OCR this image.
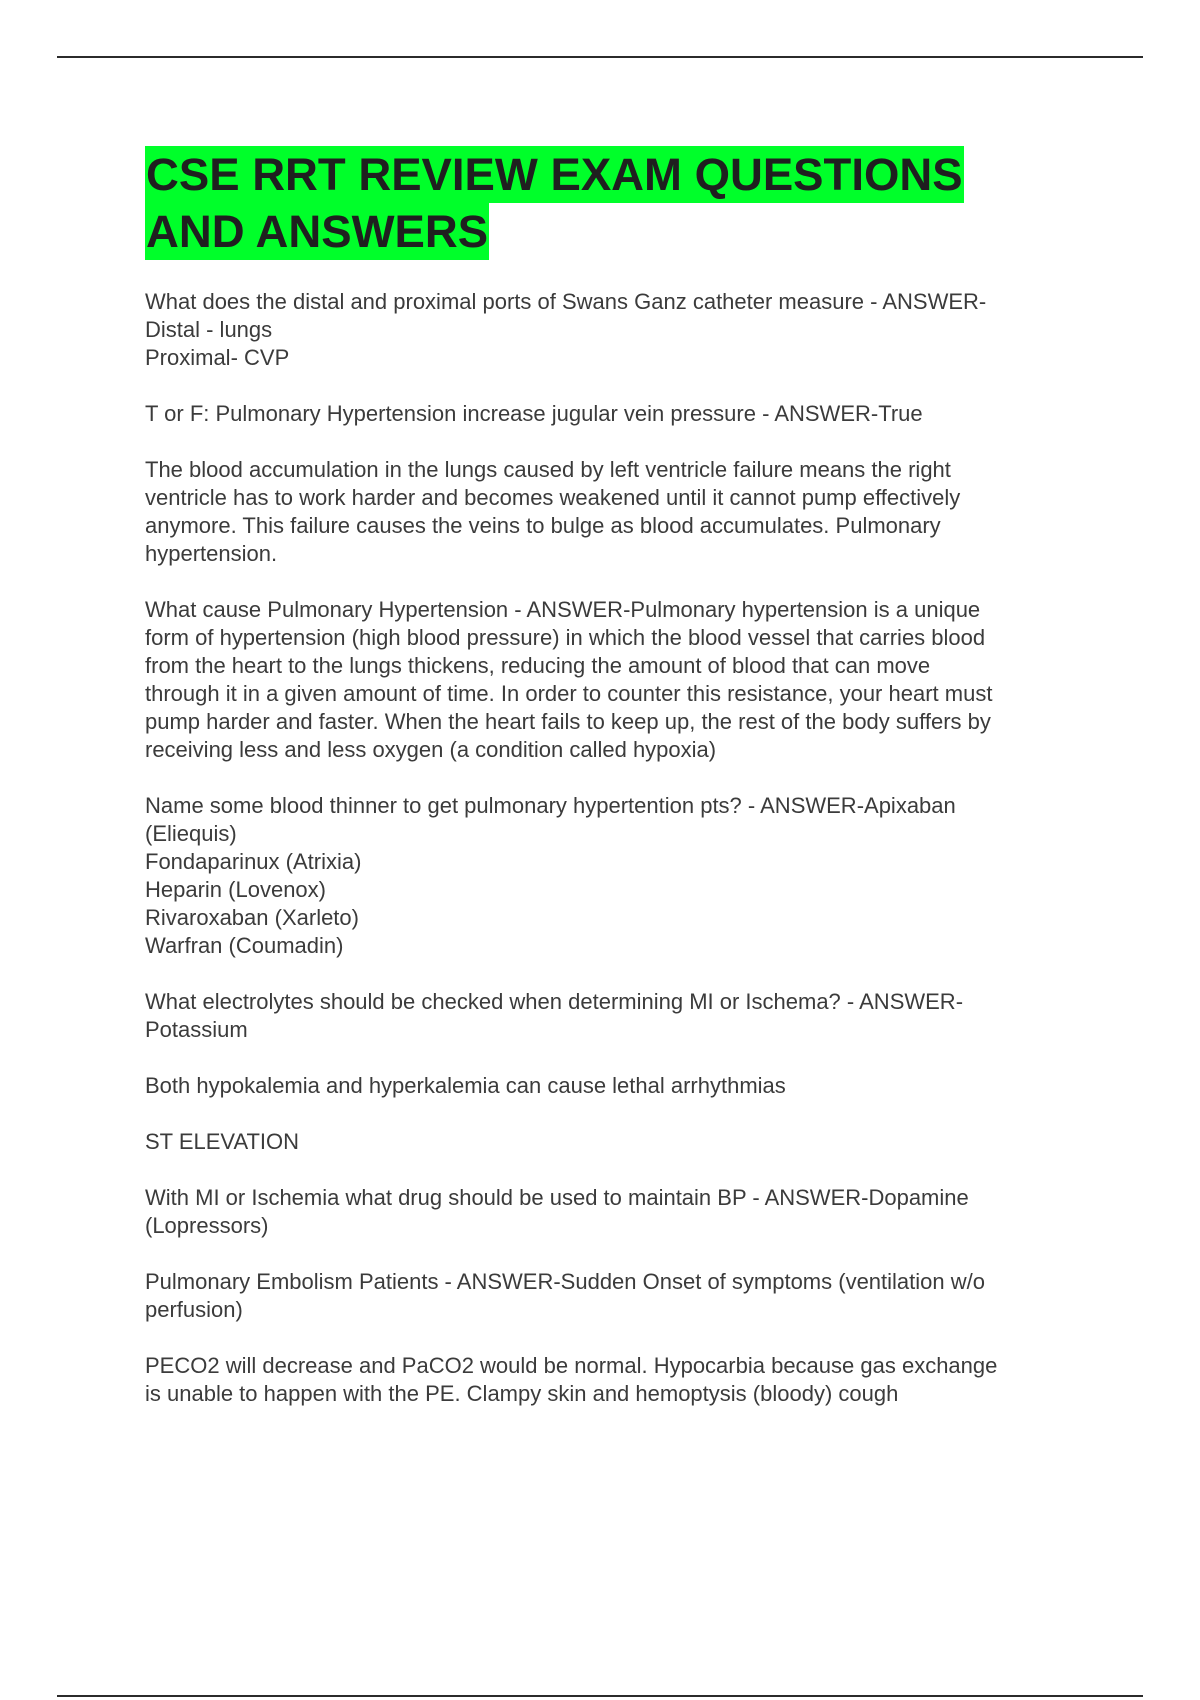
CSE RRT REVIEW EXAM QUESTIONS
AND ANSWERS

What does the distal and proximal ports of Swans Ganz catheter measure - ANSWER-
Distal - lungs
Proximal- CVP

T or F: Pulmonary Hypertension increase jugular vein pressure - ANSWER-True

The blood accumulation in the lungs caused by left ventricle failure means the right
ventricle has to work harder and becomes weakened until it cannot pump effectively
anymore. This failure causes the veins to bulge as blood accumulates. Pulmonary
hypertension.

What cause Pulmonary Hypertension - ANSWER-Pulmonary hypertension is a unique
form of hypertension (high blood pressure) in which the blood vessel that carries blood
from the heart to the lungs thickens, reducing the amount of blood that can move
through it in a given amount of time. In order to counter this resistance, your heart must
pump harder and faster. When the heart fails to keep up, the rest of the body suffers by
receiving less and less oxygen (a condition called hypoxia)

Name some blood thinner to get pulmonary hypertention pts? - ANSWER-Apixaban
(Eliequis)
Fondaparinux (Atrixia)
Heparin (Lovenox)
Rivaroxaban (Xarleto)
Warfran (Coumadin)

What electrolytes should be checked when determining MI or Ischema? - ANSWER-
Potassium

Both hypokalemia and hyperkalemia can cause lethal arrhythmias

ST ELEVATION

With MI or Ischemia what drug should be used to maintain BP - ANSWER-Dopamine
(Lopressors)

Pulmonary Embolism Patients - ANSWER-Sudden Onset of symptoms (ventilation w/o
perfusion)

PECO2 will decrease and PaCO2 would be normal. Hypocarbia because gas exchange
is unable to happen with the PE. Clampy skin and hemoptysis (bloody) cough
